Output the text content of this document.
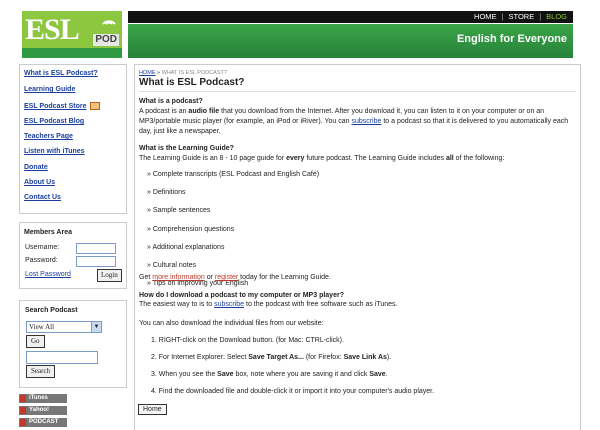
ESL POD
HOME | STORE | BLOG
English for Everyone
What is ESL Podcast?
Learning Guide
ESL Podcast Store
ESL Podcast Blog
Teachers Page
Listen with iTunes
Donate
About Us
Contact Us
Members Area
Username:
Password:
Lost Password	Login
Search Podcast
View All	▼
Go
Search
iTunes
Yahoo!
PODCAST
HOME » WHAT IS ESL PODCAST?
What is ESL Podcast?
What is a podcast?
A podcast is an audio file that you download from the Internet. After you download it, you can listen to it on your computer or on an MP3/portable music player (for example, an iPod or iRiver). You can subscribe to a podcast so that it is delivered to you automatically each day, just like a newspaper.
What is the Learning Guide?
The Learning Guide is an 8 - 10 page guide for every future podcast. The Learning Guide includes all of the following:
» Complete transcripts (ESL Podcast and English Café)
» Definitions
» Sample sentences
» Comprehension questions
» Additional explanations
» Cultural notes
» Tips on improving your English
Get more information or register today for the Learning Guide.
How do I download a podcast to my computer or MP3 player?
The easiest way to is to subscribe to the podcast with free software such as iTunes.
You can also download the individual files from our website:
1. RIGHT-click on the Download button. (for Mac: CTRL-click).
2. For Internet Explorer: Select Save Target As... (for Firefox: Save Link As).
3. When you see the Save box, note where you are saving it and click Save.
4. Find the downloaded file and double-click it or import it into your computer's audio player.
Home
